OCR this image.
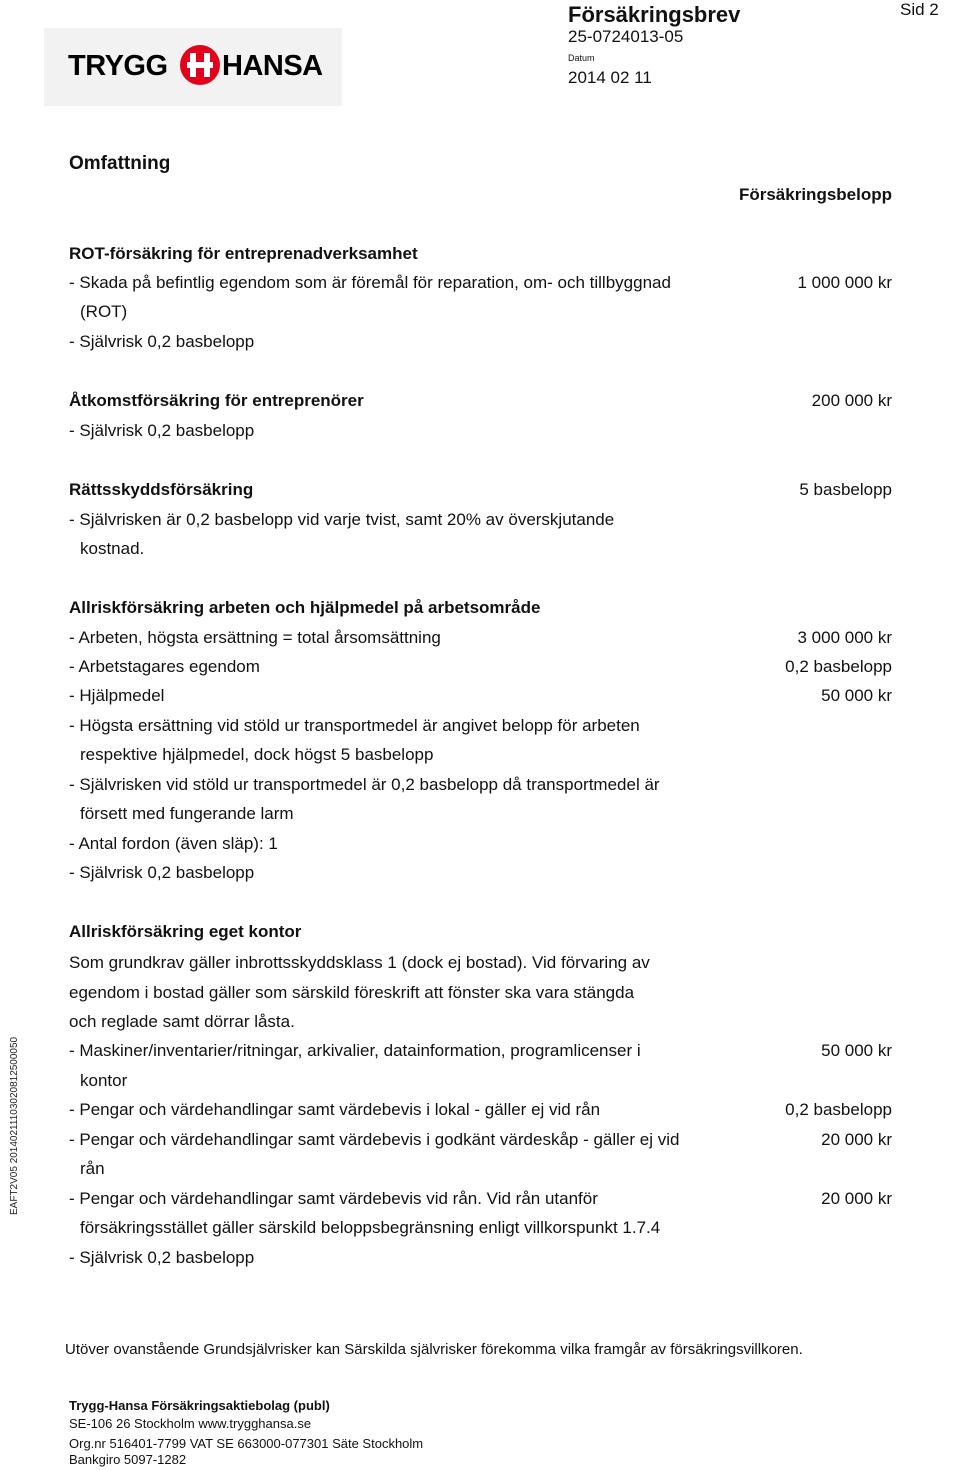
TRYGG HANSA
Försäkringsbrev
25-0724013-05
Datum
2014 02 11
Sid 2
Omfattning
Försäkringsbelopp
ROT-försäkring för entreprenadverksamhet
- Skada på befintlig egendom som är föremål för reparation, om- och tillbyggnad	1 000 000 kr
(ROT)
- Självrisk 0,2 basbelopp
Åtkomstförsäkring för entreprenörer	200 000 kr
- Självrisk 0,2 basbelopp
Rättsskyddsförsäkring	5 basbelopp
- Självrisken är 0,2 basbelopp vid varje tvist, samt 20% av överskjutande
kostnad.
Allriskförsäkring arbeten och hjälpmedel på arbetsområde
- Arbeten, högsta ersättning = total årsomsättning	3 000 000 kr
- Arbetstagares egendom	0,2 basbelopp
- Hjälpmedel	50 000 kr
- Högsta ersättning vid stöld ur transportmedel är angivet belopp för arbeten
respektive hjälpmedel, dock högst 5 basbelopp
- Självrisken vid stöld ur transportmedel är 0,2 basbelopp då transportmedel är
försett med fungerande larm
- Antal fordon (även släp): 1
- Självrisk 0,2 basbelopp
Allriskförsäkring eget kontor
Som grundkrav gäller inbrottsskyddsklass 1 (dock ej bostad). Vid förvaring av
egendom i bostad gäller som särskild föreskrift att fönster ska vara stängda
och reglade samt dörrar låsta.
- Maskiner/inventarier/ritningar, arkivalier, datainformation, programlicenser i	50 000 kr
kontor
- Pengar och värdehandlingar samt värdebevis i lokal - gäller ej vid rån	0,2 basbelopp
- Pengar och värdehandlingar samt värdebevis i godkänt värdeskåp - gäller ej vid	20 000 kr
rån
- Pengar och värdehandlingar samt värdebevis vid rån. Vid rån utanför	20 000 kr
försäkringsstället gäller särskild beloppsbegränsning enligt villkorspunkt 1.7.4
- Självrisk 0,2 basbelopp
EAFT2V05 20140211103020812500050
Utöver ovanstående Grundsjälvrisker kan Särskilda självrisker förekomma vilka framgår av försäkringsvillkoren.
Trygg-Hansa Försäkringsaktiebolag (publ)
SE-106 26 Stockholm www.trygghansa.se
Org.nr 516401-7799 VAT SE 663000-077301 Säte Stockholm
Bankgiro 5097-1282
